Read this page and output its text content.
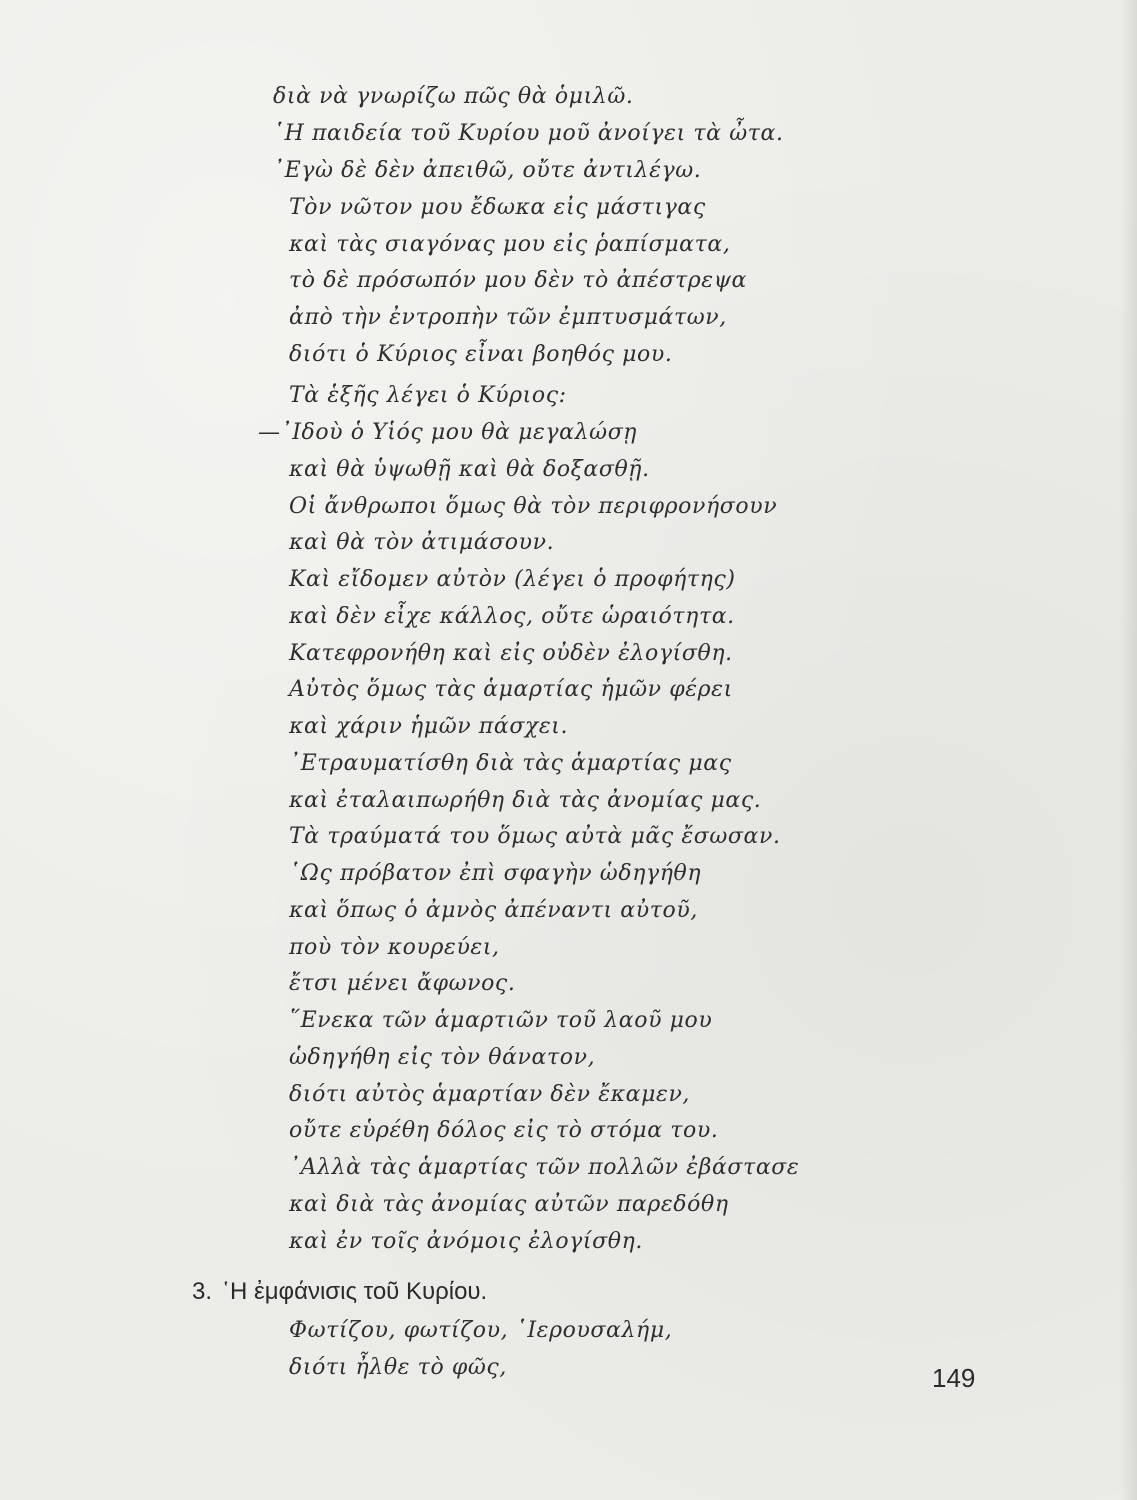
διὰ νὰ γνωρίζω πῶς θὰ ὁμιλῶ.
῾Η παιδεία τοῦ Κυρίου μοῦ ἀνοίγει τὰ ὦτα.
᾿Εγὼ δὲ δὲν ἀπειθῶ, οὔτε ἀντιλέγω.
Τὸν νῶτον μου ἔδωκα εἰς μάστιγας
καὶ τὰς σιαγόνας μου εἰς ῥαπίσματα,
τὸ δὲ πρόσωπόν μου δὲν τὸ ἀπέστρεψα
ἀπὸ τὴν ἐντροπὴν τῶν ἐμπτυσμάτων,
διότι ὁ Κύριος εἶναι βοηθός μου.
Τὰ ἑξῆς λέγει ὁ Κύριος:
—᾿Ιδοὺ ὁ Υἱός μου θὰ μεγαλώσῃ
καὶ θὰ ὑψωθῇ καὶ θὰ δοξασθῇ.
Οἱ ἄνθρωποι ὅμως θὰ τὸν περιφρονήσουν
καὶ θὰ τὸν ἀτιμάσουν.
Καὶ εἴδομεν αὐτὸν (λέγει ὁ προφήτης)
καὶ δὲν εἶχε κάλλος, οὔτε ὡραιότητα.
Κατεφρονήθη καὶ εἰς οὐδὲν ἐλογίσθη.
Αὐτὸς ὅμως τὰς ἁμαρτίας ἡμῶν φέρει
καὶ χάριν ἡμῶν πάσχει.
᾿Ετραυματίσθη διὰ τὰς ἁμαρτίας μας
καὶ ἐταλαιπωρήθη διὰ τὰς ἀνομίας μας.
Τὰ τραύματά του ὅμως αὐτὰ μᾶς ἔσωσαν.
῾Ως πρόβατον ἐπὶ σφαγὴν ὡδηγήθη
καὶ ὅπως ὁ ἀμνὸς ἀπέναντι αὐτοῦ,
ποὺ τὸν κουρεύει,
ἔτσι μένει ἄφωνος.
῞Ενεκα τῶν ἁμαρτιῶν τοῦ λαοῦ μου
ὡδηγήθη εἰς τὸν θάνατον,
διότι αὐτὸς ἁμαρτίαν δὲν ἔκαμεν,
οὔτε εὑρέθη δόλος εἰς τὸ στόμα του.
᾿Αλλὰ τὰς ἁμαρτίας τῶν πολλῶν ἐβάστασε
καὶ διὰ τὰς ἀνομίας αὐτῶν παρεδόθη
καὶ ἐν τοῖς ἀνόμοις ἐλογίσθη.
3. ῾Η ἐμφάνισις τοῦ Κυρίου.
Φωτίζου, φωτίζου, ῾Ιερουσαλήμ,
διότι ἦλθε τὸ φῶς,	149
